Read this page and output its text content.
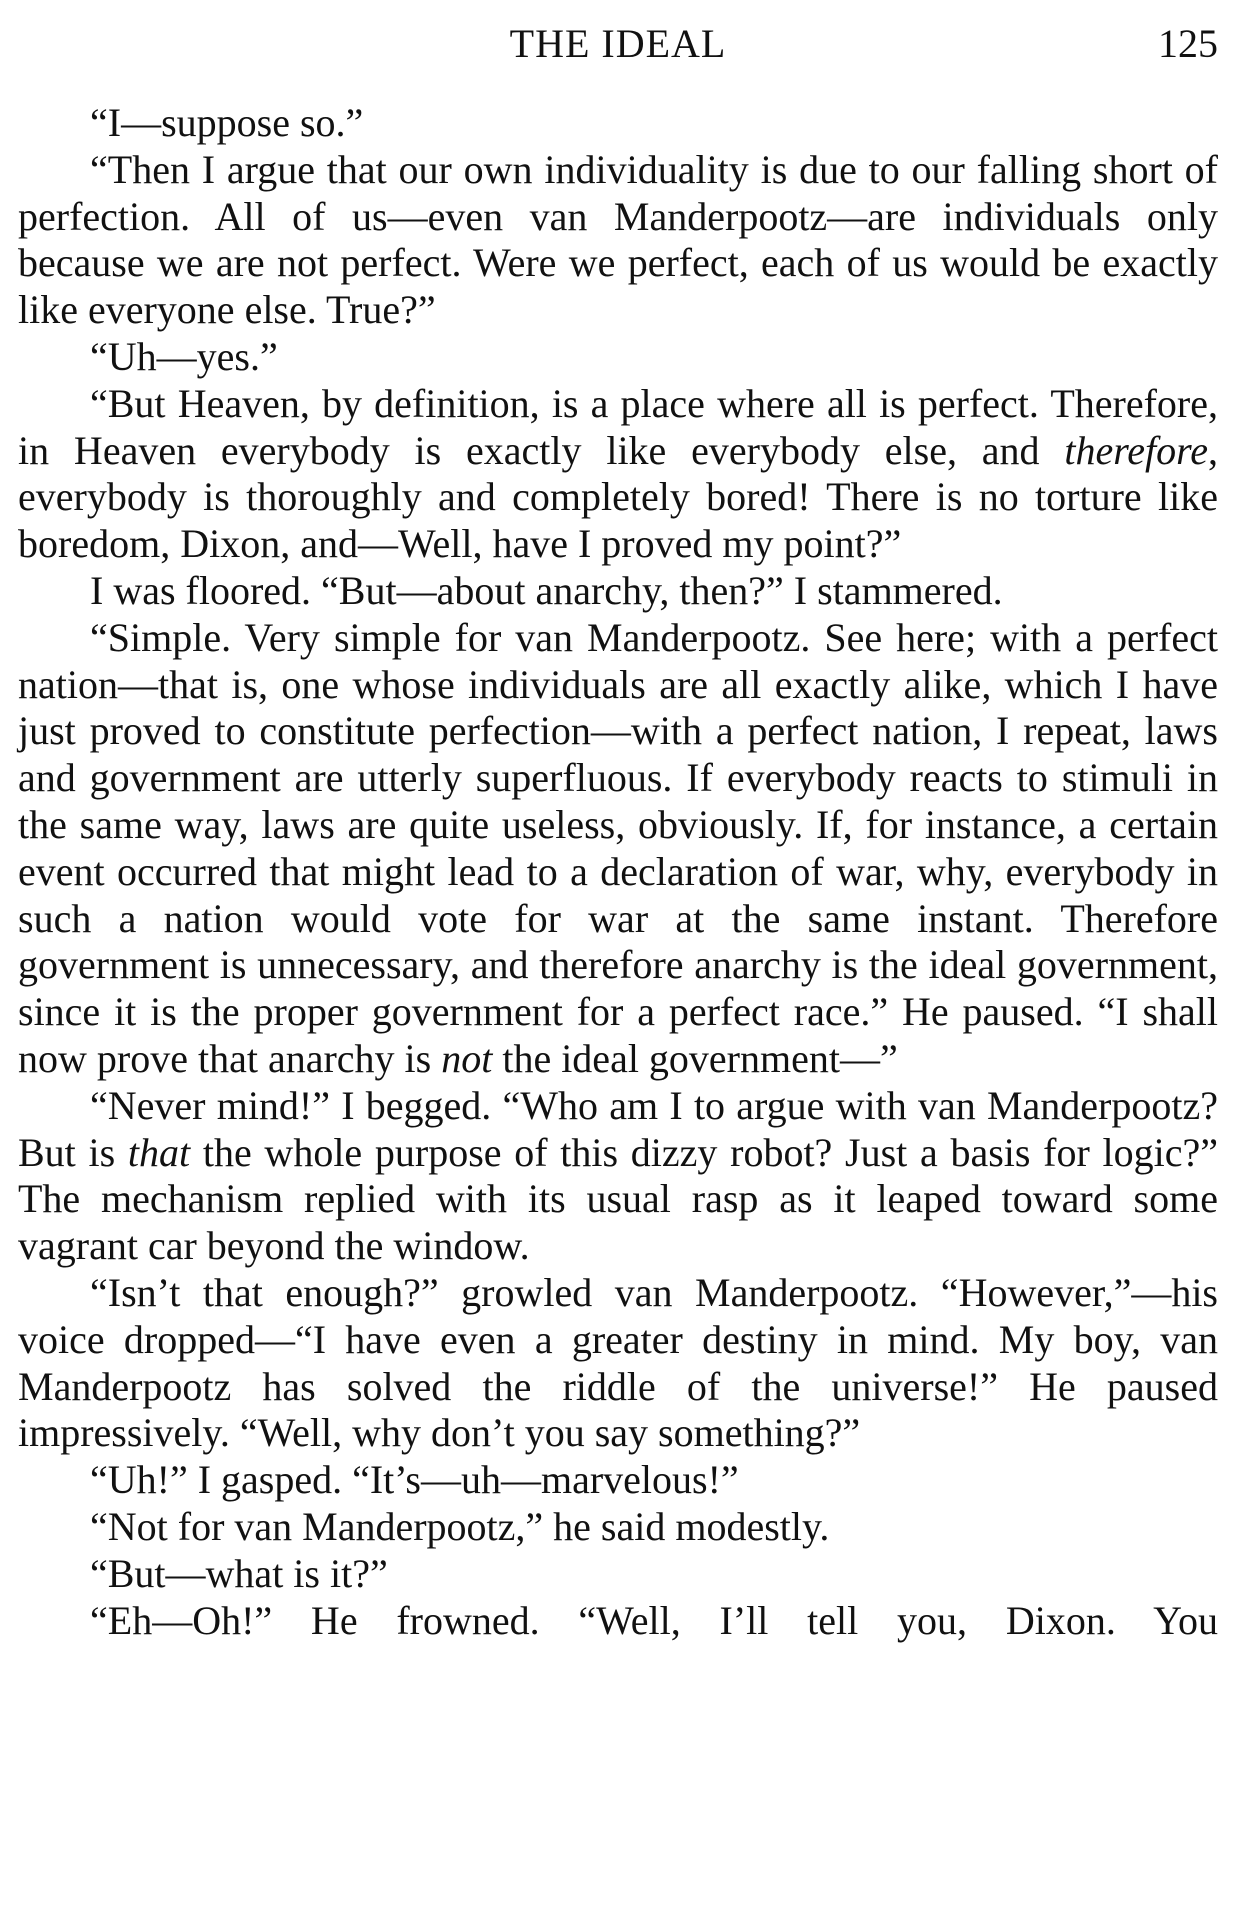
THE IDEAL	125

“I—suppose so.”

“Then I argue that our own individuality is due to our falling short of perfection. All of us—even van Manderpootz—are individuals only because we are not perfect. Were we perfect, each of us would be exactly like everyone else. True?”

“Uh—yes.”

“But Heaven, by definition, is a place where all is perfect. Therefore, in Heaven everybody is exactly like everybody else, and therefore, everybody is thoroughly and completely bored! There is no torture like boredom, Dixon, and—Well, have I proved my point?”

I was floored. “But—about anarchy, then?” I stammered.

“Simple. Very simple for van Manderpootz. See here; with a perfect nation—that is, one whose individuals are all exactly alike, which I have just proved to constitute perfection—with a perfect nation, I repeat, laws and government are utterly superfluous. If everybody reacts to stimuli in the same way, laws are quite useless, obviously. If, for instance, a certain event occurred that might lead to a declaration of war, why, everybody in such a nation would vote for war at the same instant. Therefore government is unnecessary, and therefore anarchy is the ideal government, since it is the proper government for a perfect race.” He paused. “I shall now prove that anarchy is not the ideal government—”

“Never mind!” I begged. “Who am I to argue with van Manderpootz? But is that the whole purpose of this dizzy robot? Just a basis for logic?” The mechanism replied with its usual rasp as it leaped toward some vagrant car beyond the window.

“Isn’t that enough?” growled van Manderpootz. “However,”—his voice dropped—“I have even a greater destiny in mind. My boy, van Manderpootz has solved the riddle of the universe!” He paused impressively. “Well, why don’t you say something?”

“Uh!” I gasped. “It’s—uh—marvelous!”

“Not for van Manderpootz,” he said modestly.

“But—what is it?”

“Eh—Oh!” He frowned. “Well, I’ll tell you, Dixon. You
